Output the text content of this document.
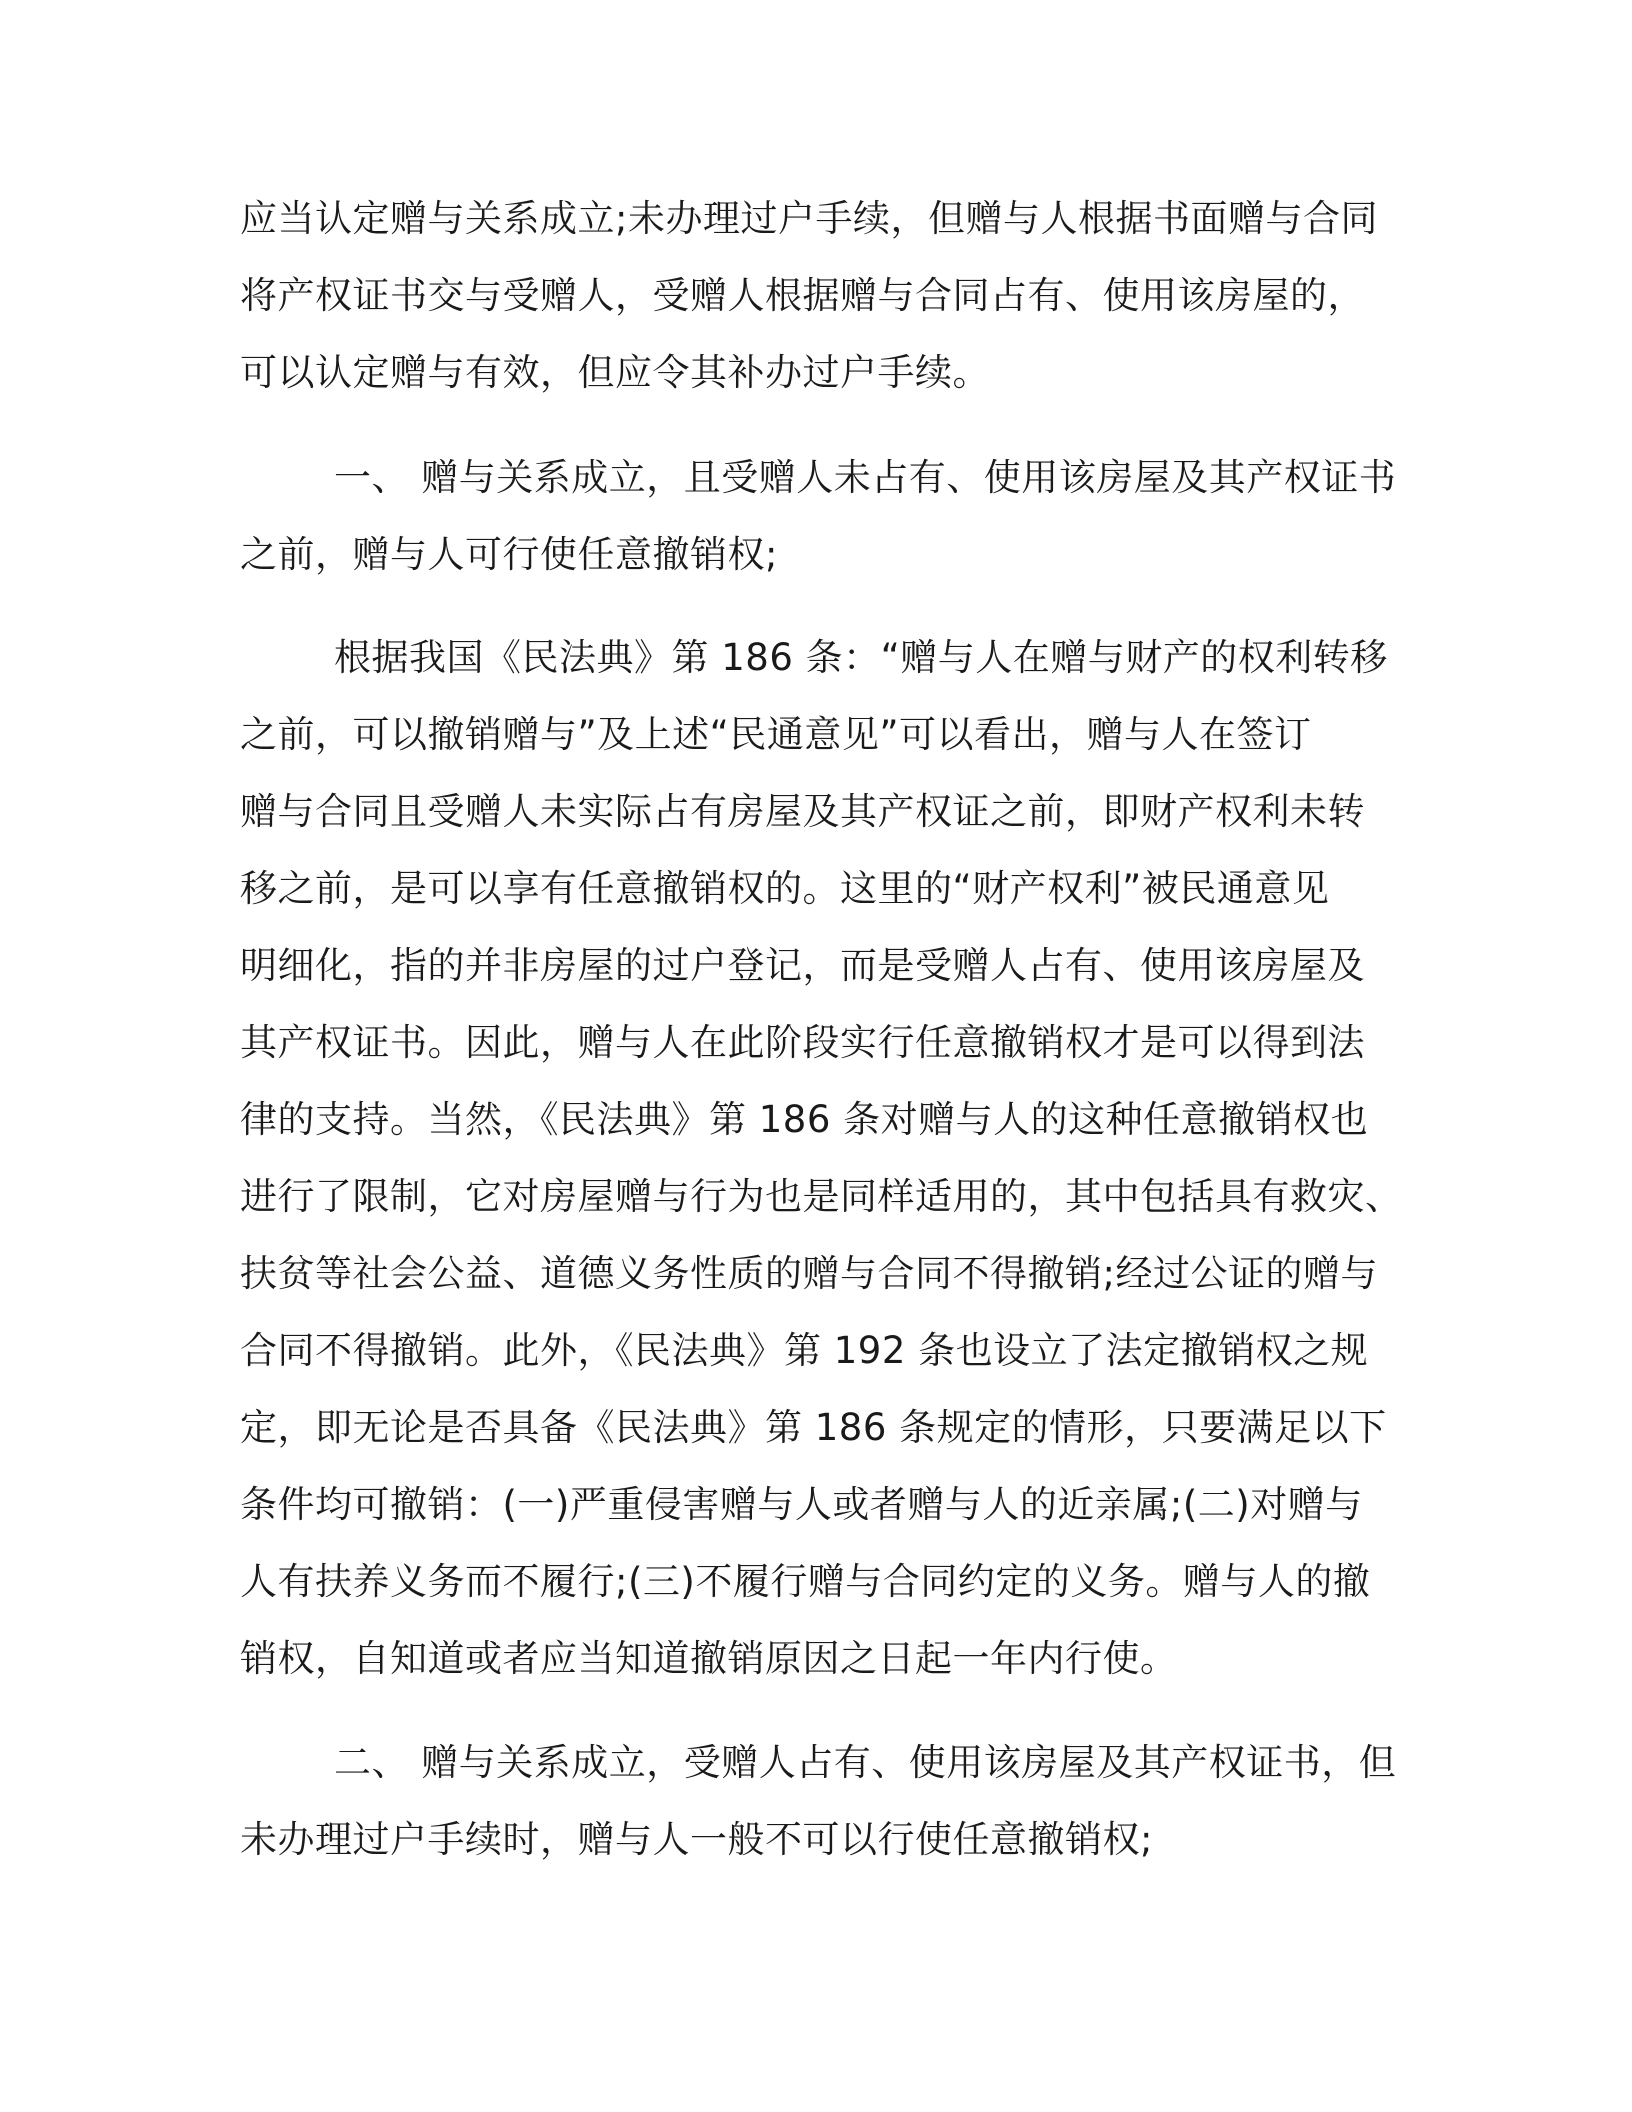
应当认定赠与关系成立;未办理过户手续，但赠与人根据书面赠与合同
将产权证书交与受赠人，受赠人根据赠与合同占有、使用该房屋的，
可以认定赠与有效，但应令其补办过户手续。
一、 赠与关系成立，且受赠人未占有、使用该房屋及其产权证书
之前，赠与人可行使任意撤销权;
根据我国《民法典》第 186 条：“赠与人在赠与财产的权利转移
之前，可以撤销赠与”及上述“民通意见”可以看出，赠与人在签订
赠与合同且受赠人未实际占有房屋及其产权证之前，即财产权利未转
移之前，是可以享有任意撤销权的。这里的“财产权利”被民通意见
明细化，指的并非房屋的过户登记，而是受赠人占有、使用该房屋及
其产权证书。因此，赠与人在此阶段实行任意撤销权才是可以得到法
律的支持。当然，《民法典》第 186 条对赠与人的这种任意撤销权也
进行了限制，它对房屋赠与行为也是同样适用的，其中包括具有救灾、
扶贫等社会公益、道德义务性质的赠与合同不得撤销;经过公证的赠与
合同不得撤销。此外，《民法典》第 192 条也设立了法定撤销权之规
定，即无论是否具备《民法典》第 186 条规定的情形，只要满足以下
条件均可撤销：(一)严重侵害赠与人或者赠与人的近亲属;(二)对赠与
人有扶养义务而不履行;(三)不履行赠与合同约定的义务。赠与人的撤
销权，自知道或者应当知道撤销原因之日起一年内行使。
二、 赠与关系成立，受赠人占有、使用该房屋及其产权证书，但
未办理过户手续时，赠与人一般不可以行使任意撤销权;
